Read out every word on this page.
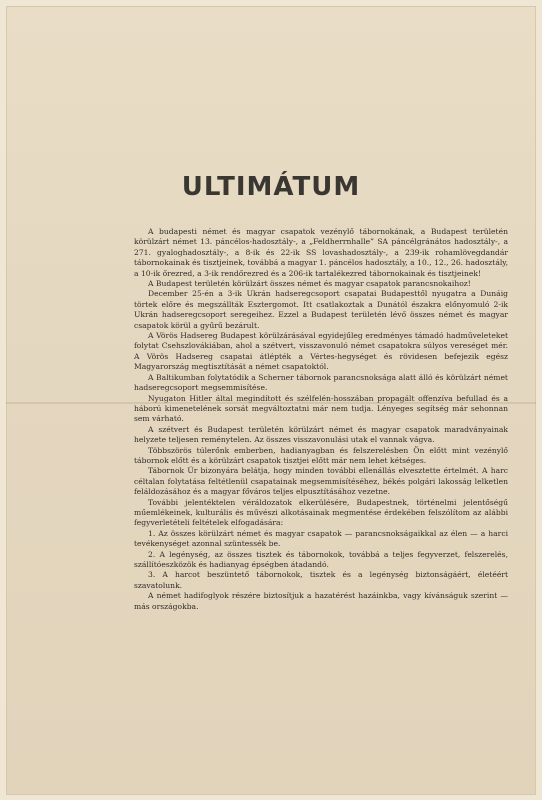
ULTIMÁTUM

A budapesti német és magyar csapatok vezénylő tábornokának, a Budapest területén körülzárt német 13. páncélos-hadosztály-, a „Feldherrnhalle” SA páncélgránátos hadosztály-, a 271. gyaloghadosztály-, a 8-ik és 22-ik SS lovashadosztály-, a 239-ik rohamlövegdandár tábornokainak és tisztjeinek, továbbá a magyar 1. páncélos hadosztály, a 10., 12., 26. hadosztály, a 10-ik őrezred, a 3-ik rendőrezred és a 206-ik tartalékezred tábornokainak és tisztjeinek!

A Budapest területén körülzárt összes német és magyar csapatok parancsnokaihoz!

December 25-én a 3-ik Ukrán hadseregcsoport csapatai Budapesttől nyugatra a Dunáig törtek előre és megszállták Esztergomot. Itt csatlakoztak a Dunától északra előnyomuló 2-ik Ukrán hadseregcsoport seregeihez. Ezzel a Budapest területén lévő összes német és magyar csapatok körül a gyűrű bezárult.

A Vörös Hadsereg Budapest körülzárásával egyidejűleg eredményes támadó hadműveleteket folytat Csehszlovákiában, ahol a szétvert, visszavonuló német csapatokra súlyos vereséget mér. A Vörös Hadsereg csapatai átlépték a Vértes-hegységet és rövidesen befejezik egész Magyarország megtisztítását a német csapatoktól.

A Baltikumban folytatódik a Scherner tábornok parancsnoksága alatt álló és körülzárt német hadseregcsoport megsemmisítése.

Nyugaton Hitler által megindított és szélfelén-hosszában propagált offenzíva befullad és a háború kimenetelének sorsát megváltoztatni már nem tudja. Lényeges segítség már sehonnan sem várható.

A szétvert és Budapest területén körülzárt német és magyar csapatok maradványainak helyzete teljesen reménytelen. Az összes visszavonulási utak el vannak vágva.

Többszörös túlerőnk emberben, hadianyagban és felszerelésben Ön előtt mint vezénylő tábornok előtt és a körülzárt csapatok tisztjei előtt már nem lehet kétséges.

Tábornok Úr bizonyára belátja, hogy minden további ellenállás elvesztette értelmét. A harc céltalan folytatása feltétlenül csapatainak megsemmisítéséhez, békés polgári lakosság lelketlen feláldozásához és a magyar főváros teljes elpusztításához vezetne.

További jelentéktelen véráldozatok elkerülésére, Budapestnek, történelmi jelentőségű műemlékeinek, kulturális és művészi alkotásainak megmentése érdekében felszólítom az alábbi fegyverletételi feltételek elfogadására:

1. Az összes körülzárt német és magyar csapatok — parancsnokságaikkal az élen — a harci tevékenységet azonnal szüntessék be.

2. A legénység, az összes tisztek és tábornokok, továbbá a teljes fegyverzet, felszerelés, szállítóeszközök és hadianyag épségben átadandó.

3. A harcot beszüntető tábornokok, tisztek és a legénység biztonságáért, életéért szavatolunk.

A német hadifoglyok részére biztosítjuk a hazatérést hazáinkba, vagy kívánságuk szerint — más országokba.
